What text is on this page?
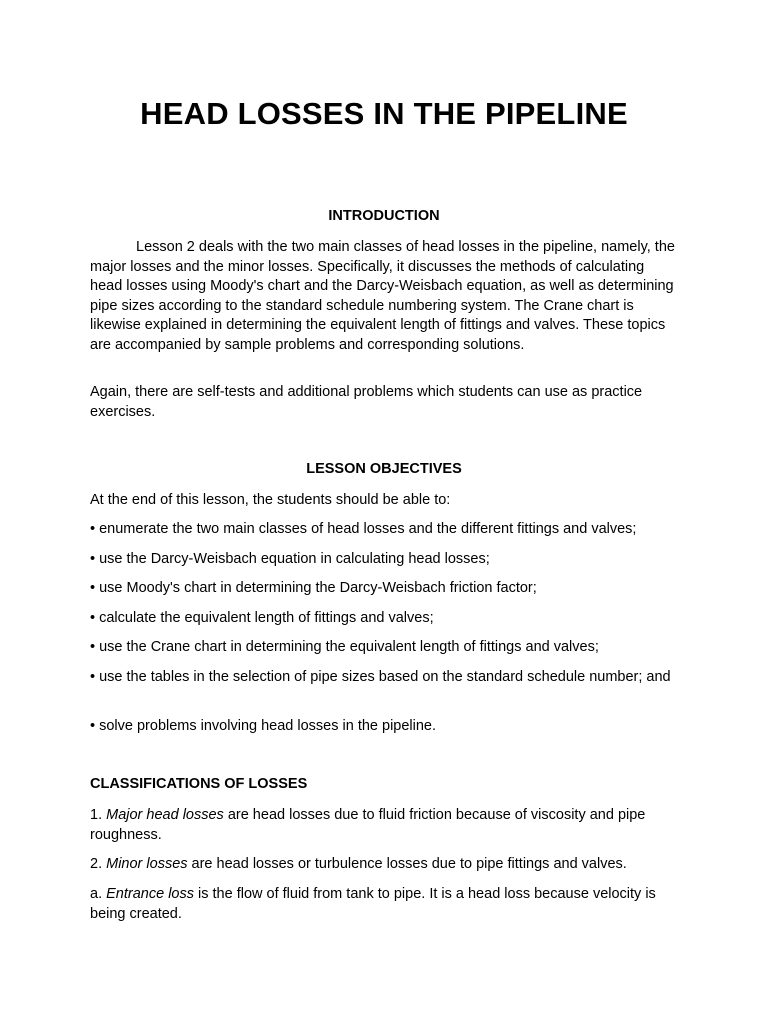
HEAD LOSSES IN THE PIPELINE
INTRODUCTION

Lesson 2 deals with the two main classes of head losses in the pipeline, namely, the major losses and the minor losses. Specifically, it discusses the methods of calculating head losses using Moody's chart and the Darcy-Weisbach equation, as well as determining pipe sizes according to the standard schedule numbering system. The Crane chart is likewise explained in determining the equivalent length of fittings and valves. These topics are accompanied by sample problems and corresponding solutions.

Again, there are self-tests and additional problems which students can use as practice exercises.

LESSON OBJECTIVES

At the end of this lesson, the students should be able to:

• enumerate the two main classes of head losses and the different fittings and valves;

• use the Darcy-Weisbach equation in calculating head losses;

• use Moody's chart in determining the Darcy-Weisbach friction factor;

• calculate the equivalent length of fittings and valves;

• use the Crane chart in determining the equivalent length of fittings and valves;

• use the tables in the selection of pipe sizes based on the standard schedule number; and

• solve problems involving head losses in the pipeline.

CLASSIFICATIONS OF LOSSES

1. Major head losses are head losses due to fluid friction because of viscosity and pipe roughness.

2. Minor losses are head losses or turbulence losses due to pipe fittings and valves.

a. Entrance loss is the flow of fluid from tank to pipe. It is a head loss because velocity is being created.
